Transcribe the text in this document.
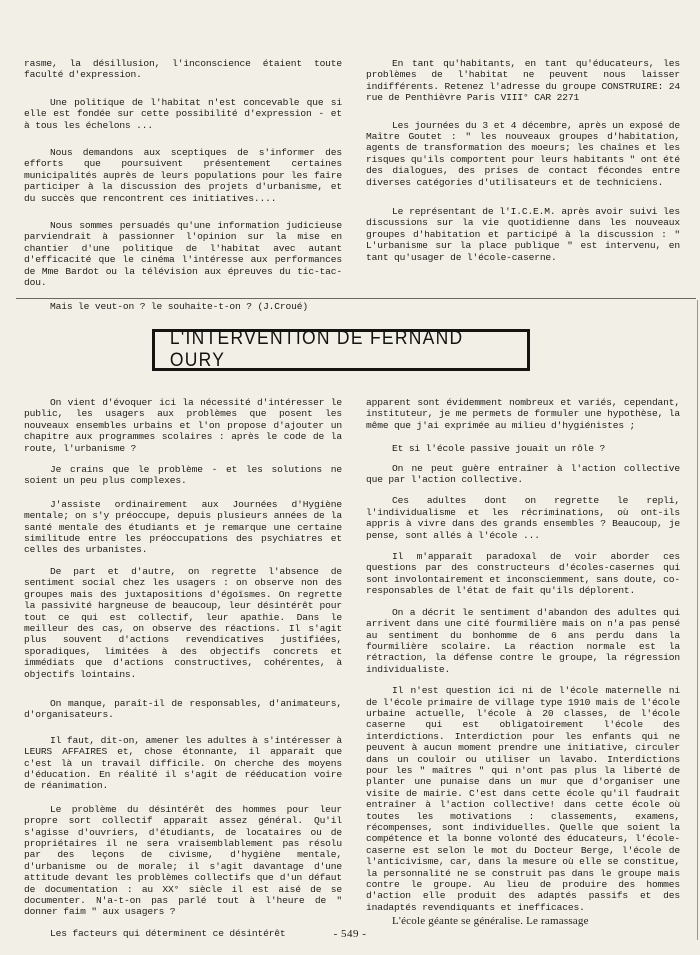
rasme, la désillusion, l'inconscience étaient toute faculté d'expression.

Une politique de l'habitat n'est concevable que si elle est fondée sur cette possibilité d'expression - et à tous les échelons ...

Nous demandons aux sceptiques de s'informer des efforts que poursuivent présentement certaines municipalités auprès de leurs populations pour les faire participer à la discussion des projets d'urbanisme, et du succès que rencontrent ces initiatives....

Nous sommes persuadés qu'une information judicieuse parviendrait à passionner l'opinion sur la mise en chantier d'une politique de l'habitat avec autant d'efficacité que le cinéma l'intéresse aux performances de Mme Bardot ou la télévision aux épreuves du tic-tac-dou.

Mais le veut-on ? le souhaite-t-on ? (J.Croué)

En tant qu'habitants, en tant qu'éducateurs, les problèmes de l'habitat ne peuvent nous laisser indifférents. Retenez l'adresse du groupe CONSTRUIRE: 24 rue de Penthièvre Paris VIII° CAR 2271

Les journées du 3 et 4 décembre, après un exposé de Maître Goutet : " les nouveaux groupes d'habitation, agents de transformation des moeurs; les chaînes et les risques qu'ils comportent pour leurs habitants " ont été des dialogues, des prises de contact fécondes entre diverses catégories d'utilisateurs et de techniciens.

Le représentant de l'I.C.E.M. après avoir suivi les discussions sur la vie quotidienne dans les nouveaux groupes d'habitation et participé à la discussion : " L'urbanisme sur la place publique " est intervenu, en tant qu'usager de l'école-caserne.

L'INTERVENTION DE FERNAND OURY

On vient d'évoquer ici la nécessité d'intéresser le public, les usagers aux problèmes que posent les nouveaux ensembles urbains et l'on propose d'ajouter un chapitre aux programmes scolaires : après le code de la route, l'urbanisme ?

Je crains que le problème - et les solutions ne soient un peu plus complexes.

J'assiste ordinairement aux Journées d'Hygiène mentale; on s'y préoccupe, depuis plusieurs années de la santé mentale des étudiants et je remarque une certaine similitude entre les préoccupations des psychiatres et celles des urbanistes.

De part et d'autre, on regrette l'absence de sentiment social chez les usagers : on observe non des groupes mais des juxtapositions d'égoïsmes. On regrette la passivité hargneuse de beaucoup, leur désintérêt pour tout ce qui est collectif, leur apathie. Dans le meilleur des cas, on observe des réactions. Il s'agit plus souvent d'actions revendicatives justifiées, sporadiques, limitées à des objectifs concrets et immédiats que d'actions constructives, cohérentes, à objectifs lointains.

On manque, paraît-il de responsables, d'animateurs, d'organisateurs.

Il faut, dit-on, amener les adultes à s'intéresser à LEURS AFFAIRES et, chose étonnante, il apparaît que c'est là un travail difficile. On cherche des moyens d'éducation. En réalité il s'agit de rééducation voire de réanimation.

Le problème du désintérêt des hommes pour leur propre sort collectif apparaît assez général. Qu'il s'agisse d'ouvriers, d'étudiants, de locataires ou de propriétaires il ne sera vraisemblablement pas résolu par des leçons de civisme, d'hygiène mentale, d'urbanisme ou de morale; il s'agit davantage d'une attitude devant les problèmes collectifs que d'un défaut de documentation : au XX° siècle il est aisé de se documenter. N'a-t-on pas parlé tout à l'heure de " donner faim " aux usagers ?

Les facteurs qui déterminent ce désintérêt

apparent sont évidemment nombreux et variés, cependant, instituteur, je me permets de formuler une hypothèse, la même que j'ai exprimée au milieu d'hygiénistes ;

Et si l'école passive jouait un rôle ?

On ne peut guère entraîner à l'action collective que par l'action collective.

Ces adultes dont on regrette le repli, l'individualisme et les récriminations, où ont-ils appris à vivre dans des grands ensembles ? Beaucoup, je pense, sont allés à l'école ...

Il m'apparaît paradoxal de voir aborder ces questions par des constructeurs d'écoles-casernes qui sont involontairement et inconsciemment, sans doute, co-responsables de l'état de fait qu'ils déplorent.

On a décrit le sentiment d'abandon des adultes qui arrivent dans une cité fourmilière mais on n'a pas pensé au sentiment du bonhomme de 6 ans perdu dans la fourmilière scolaire. La réaction normale est la rétraction, la défense contre le groupe, la régression individualiste.

Il n'est question ici ni de l'école maternelle ni de l'école primaire de village type 1910 mais de l'école urbaine actuelle, l'école à 20 classes, de l'école caserne qui est obligatoirement l'école des interdictions. Interdiction pour les enfants qui ne peuvent à aucun moment prendre une initiative, circuler dans un couloir ou utiliser un lavabo. Interdictions pour les " maîtres " qui n'ont pas plus la liberté de planter une punaise dans un mur que d'organiser une visite de mairie. C'est dans cette école qu'il faudrait entraîner à l'action collective! dans cette école où toutes les motivations : classements, examens, récompenses, sont individuelles. Quelle que soient la compétence et la bonne volonté des éducateurs, l'école-caserne est selon le mot du Docteur Berge, l'école de l'anticivisme, car, dans la mesure où elle se constitue, la personnalité ne se construit pas dans le groupe mais contre le groupe. Au lieu de produire des hommes d'action elle produit des adaptés passifs et des inadaptés revendiquants et inefficaces.

L'école géante se généralise. Le ramassage

- 549 -
